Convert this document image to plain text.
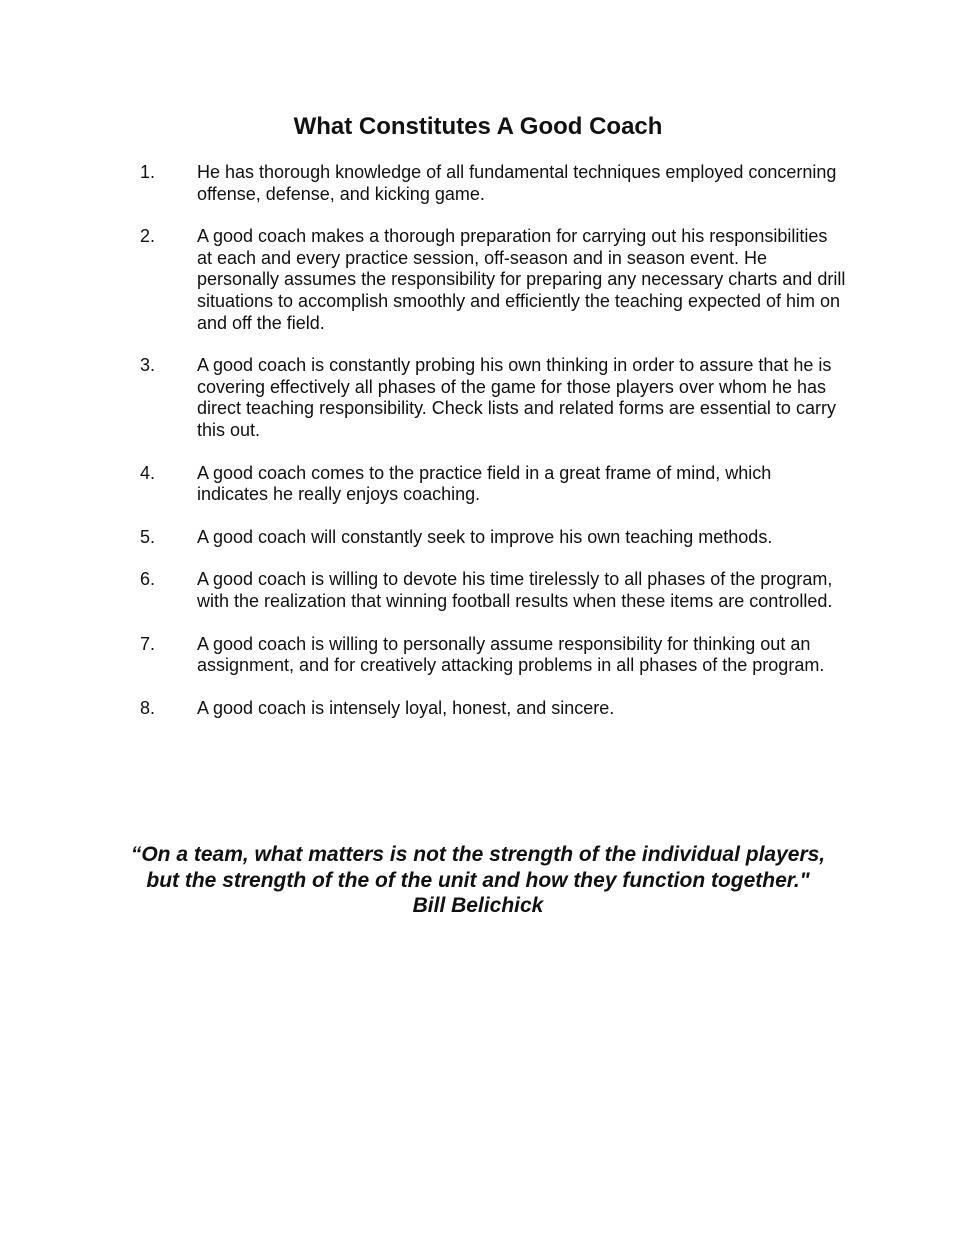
What Constitutes A Good Coach
1.	He has thorough knowledge of all fundamental techniques employed concerning offense, defense, and kicking game.
2.	A good coach makes a thorough preparation for carrying out his responsibilities at each and every practice session, off-season and in season event. He personally assumes the responsibility for preparing any necessary charts and drill situations to accomplish smoothly and efficiently the teaching expected of him on and off the field.
3.	A good coach is constantly probing his own thinking in order to assure that he is covering effectively all phases of the game for those players over whom he has direct teaching responsibility. Check lists and related forms are essential to carry this out.
4.	A good coach comes to the practice field in a great frame of mind, which indicates he really enjoys coaching.
5.	A good coach will constantly seek to improve his own teaching methods.
6.	A good coach is willing to devote his time tirelessly to all phases of the program, with the realization that winning football results when these items are controlled.
7.	A good coach is willing to personally assume responsibility for thinking out an assignment, and for creatively attacking problems in all phases of the program.
8.	A good coach is intensely loyal, honest, and sincere.
“On a team, what matters is not the strength of the individual players,
but the strength of the of the unit and how they function together."
Bill Belichick
